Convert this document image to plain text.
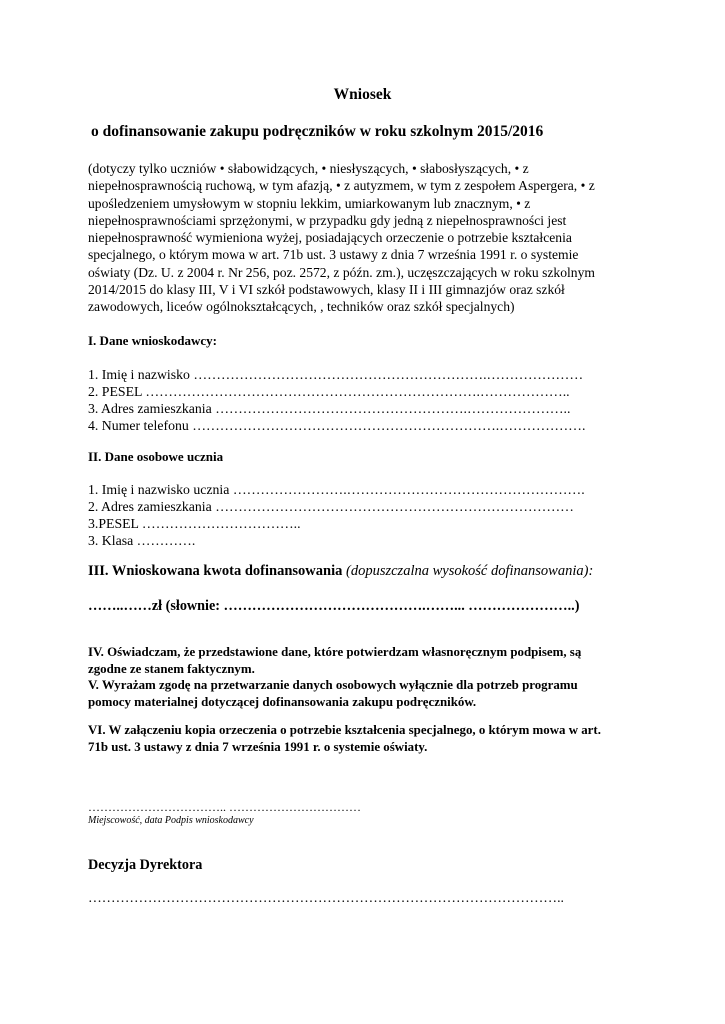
Wniosek
o dofinansowanie zakupu podręczników w roku szkolnym 2015/2016
(dotyczy tylko uczniów • słabowidzących, • niesłyszących, • słabosłyszących, • z
niepełnosprawnością ruchową, w tym afazją, • z autyzmem, w tym z zespołem Aspergera, • z
upośledzeniem umysłowym w stopniu lekkim, umiarkowanym lub znacznym, • z
niepełnosprawnościami sprzężonymi, w przypadku gdy jedną z niepełnosprawności jest
niepełnosprawność wymieniona wyżej, posiadających orzeczenie o potrzebie kształcenia
specjalnego, o którym mowa w art. 71b ust. 3 ustawy z dnia 7 września 1991 r. o systemie
oświaty (Dz. U. z 2004 r. Nr 256, poz. 2572, z późn. zm.), uczęszczających w roku szkolnym
2014/2015 do klasy III, V i VI szkół podstawowych, klasy II i III gimnazjów oraz szkół
zawodowych, liceów ogólnokształcących, , techników oraz szkół specjalnych)
I. Dane wnioskodawcy:
1. Imię i nazwisko ……………………………………………………….…………………
2. PESEL ……………………………………………………………….………………..
3. Adres zamieszkania ……………………………………………….…………………..
4. Numer telefonu ………………………………………………………….……………….
II. Dane osobowe ucznia
1. Imię i nazwisko ucznia …………………….…………………………………………….
2. Adres zamieszkania ……………………………………………………………………
3.PESEL ……………………………..
3. Klasa ………….
III. Wnioskowana kwota dofinansowania (dopuszczalna wysokość dofinansowania):
……..……zł (słownie: …………………………………….……... …………………..)
IV. Oświadczam, że przedstawione dane, które potwierdzam własnoręcznym podpisem, są
zgodne ze stanem faktycznym.
V. Wyrażam zgodę na przetwarzanie danych osobowych wyłącznie dla potrzeb programu
pomocy materialnej dotyczącej dofinansowania zakupu podręczników.
VI. W załączeniu kopia orzeczenia o potrzebie kształcenia specjalnego, o którym mowa w art.
71b ust. 3 ustawy z dnia 7 września 1991 r. o systemie oświaty.
…………………………….. ……………………………
Miejscowość, data Podpis wnioskodawcy
Decyzja Dyrektora
…………………………………………………………………………………………..
